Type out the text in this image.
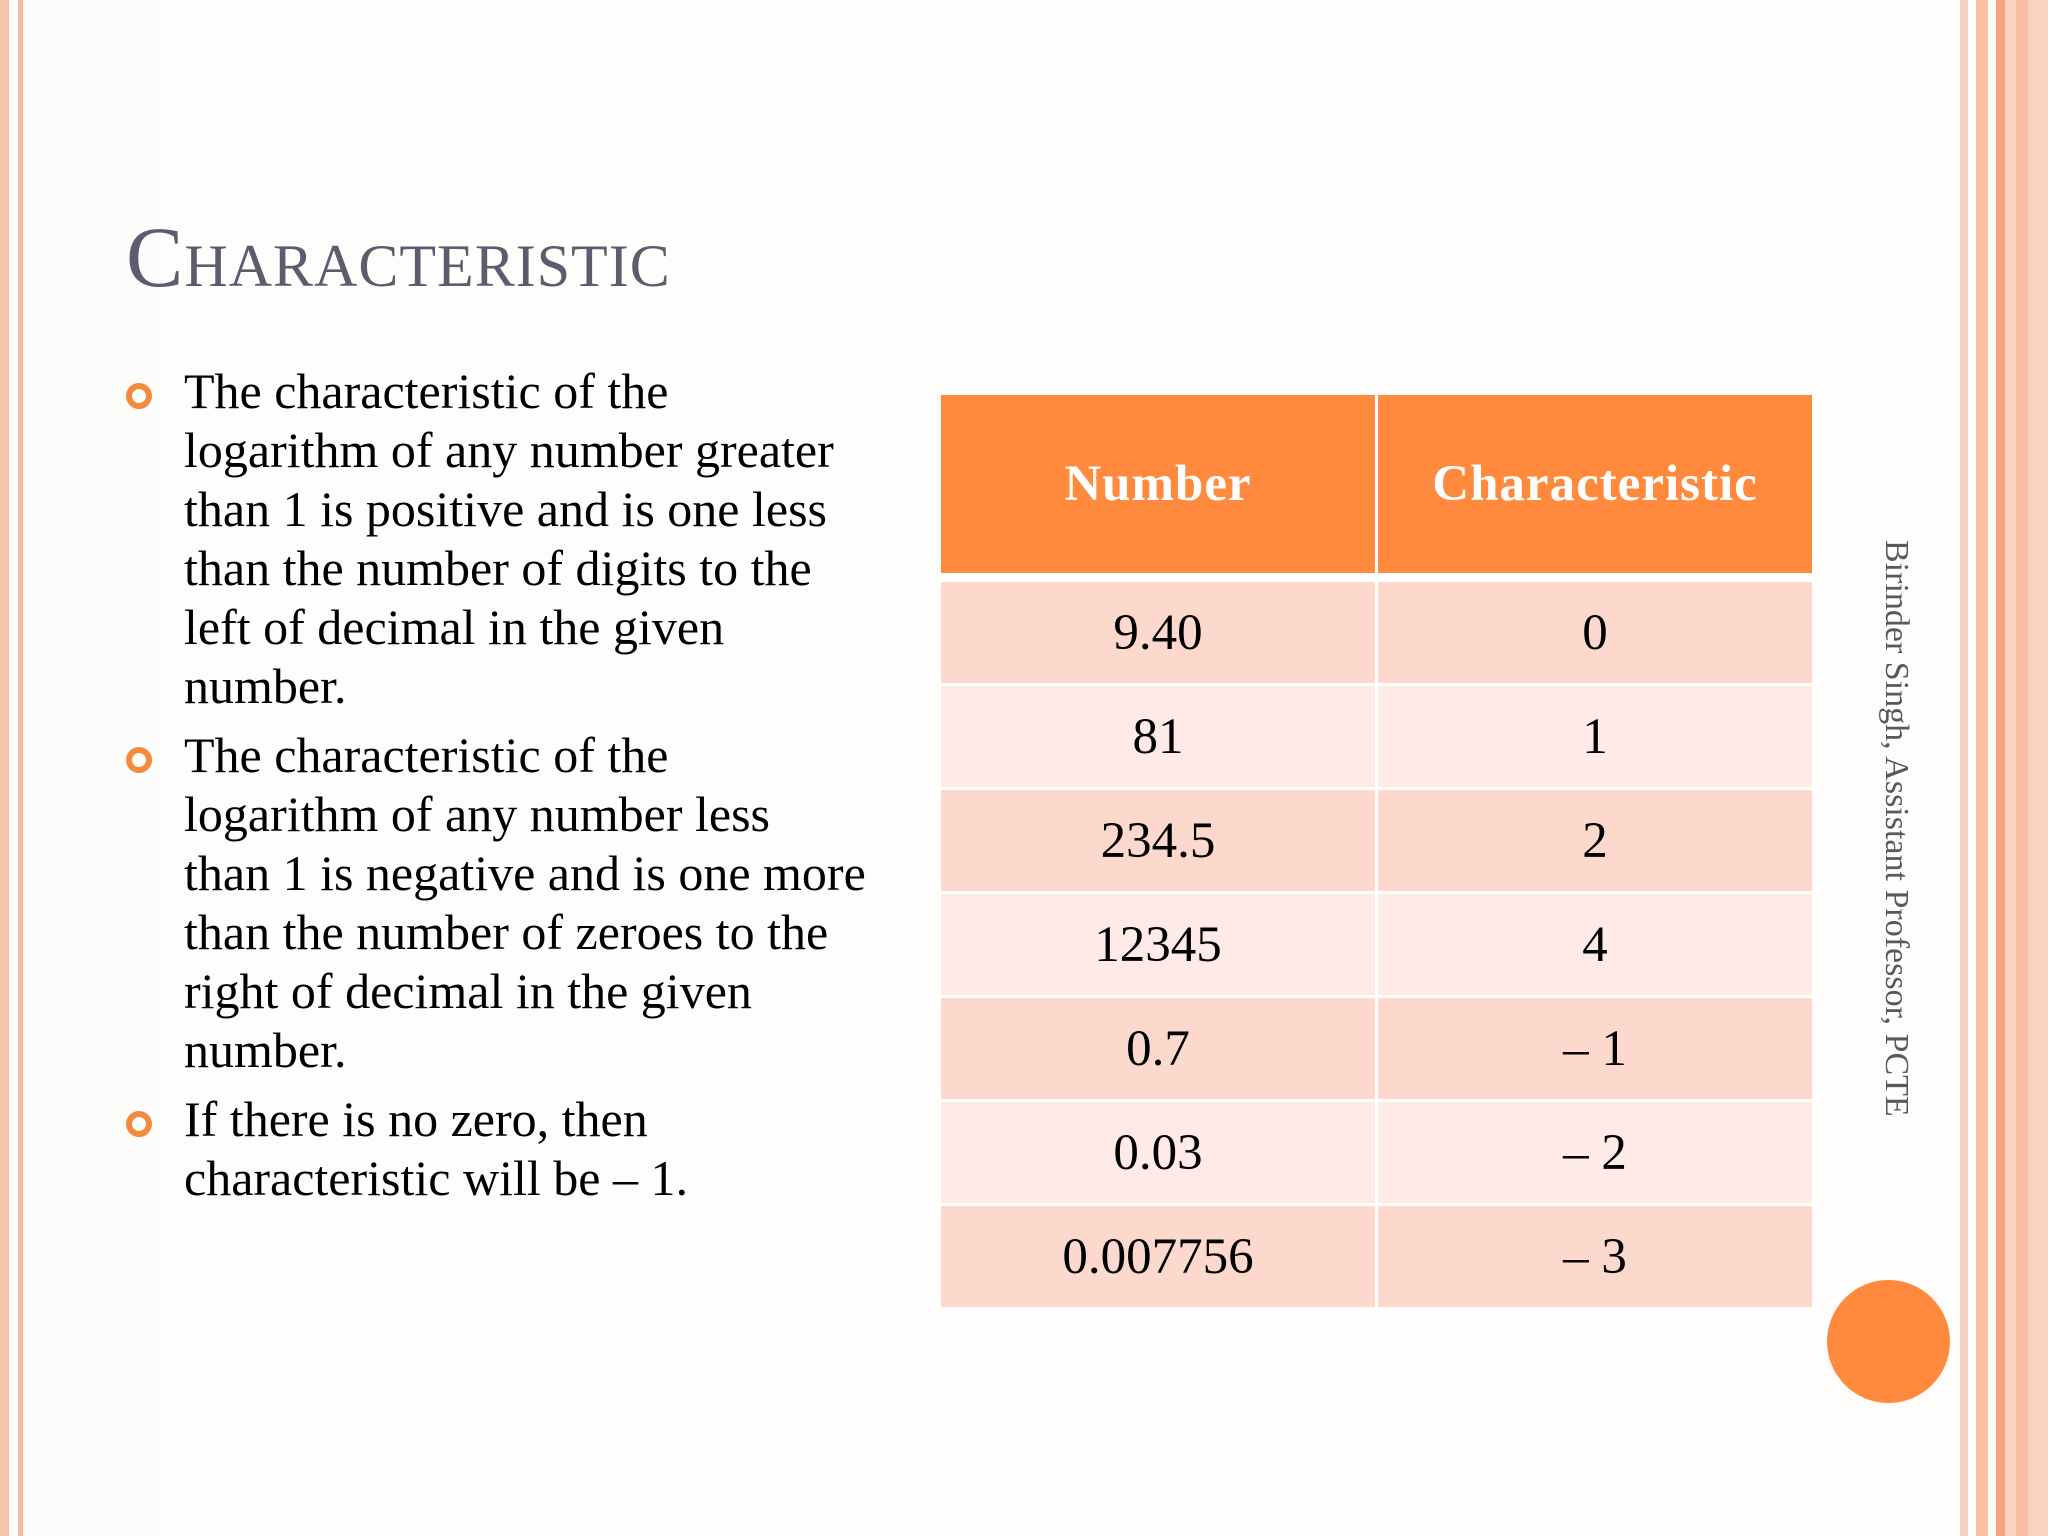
Characteristic
The characteristic of the logarithm of any number greater than 1 is positive and is one less than the number of digits to the left of decimal in the given number.
The characteristic of the logarithm of any number less than 1 is negative and is one more than the number of zeroes to the right of decimal in the given number.
If there is no zero, then characteristic will be – 1.
Number	Characteristic

9.40	0
81	1
234.5	2
12345	4
0.7	– 1
0.03	– 2
0.007756	– 3
Birinder Singh, Assistant Professor, PCTE
